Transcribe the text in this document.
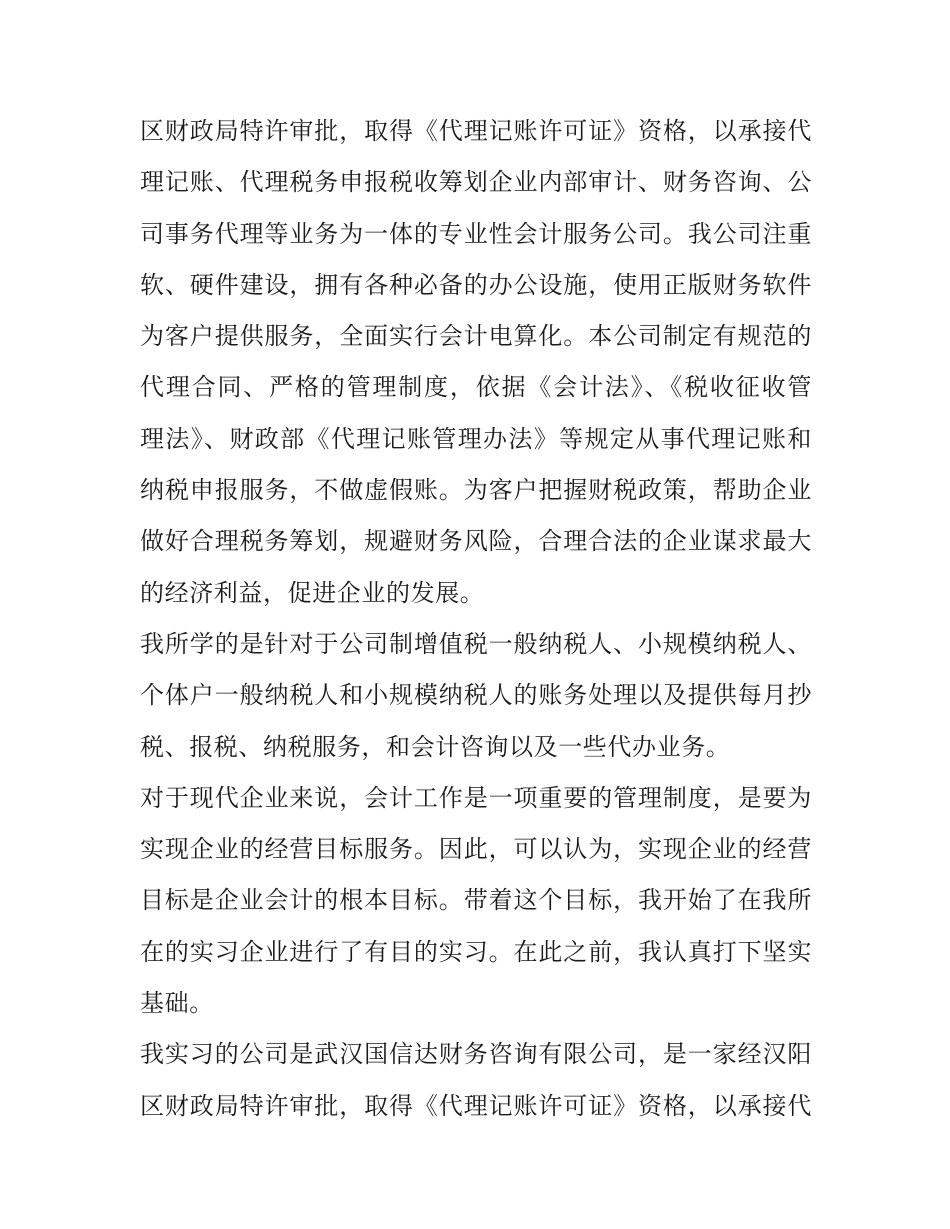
区财政局特许审批，取得《代理记账许可证》资格，以承接代
理记账、代理税务申报税收筹划企业内部审计、财务咨询、公
司事务代理等业务为一体的专业性会计服务公司。我公司注重
软、硬件建设，拥有各种必备的办公设施，使用正版财务软件
为客户提供服务，全面实行会计电算化。本公司制定有规范的
代理合同、严格的管理制度，依据《会计法》、《税收征收管
理法》、财政部《代理记账管理办法》等规定从事代理记账和
纳税申报服务，不做虚假账。为客户把握财税政策，帮助企业
做好合理税务筹划，规避财务风险，合理合法的企业谋求最大
的经济利益，促进企业的发展。
我所学的是针对于公司制增值税一般纳税人、小规模纳税人、
个体户一般纳税人和小规模纳税人的账务处理以及提供每月抄
税、报税、纳税服务，和会计咨询以及一些代办业务。
对于现代企业来说，会计工作是一项重要的管理制度，是要为
实现企业的经营目标服务。因此，可以认为，实现企业的经营
目标是企业会计的根本目标。带着这个目标，我开始了在我所
在的实习企业进行了有目的实习。在此之前，我认真打下坚实
基础。
我实习的公司是武汉国信达财务咨询有限公司，是一家经汉阳
区财政局特许审批，取得《代理记账许可证》资格，以承接代
